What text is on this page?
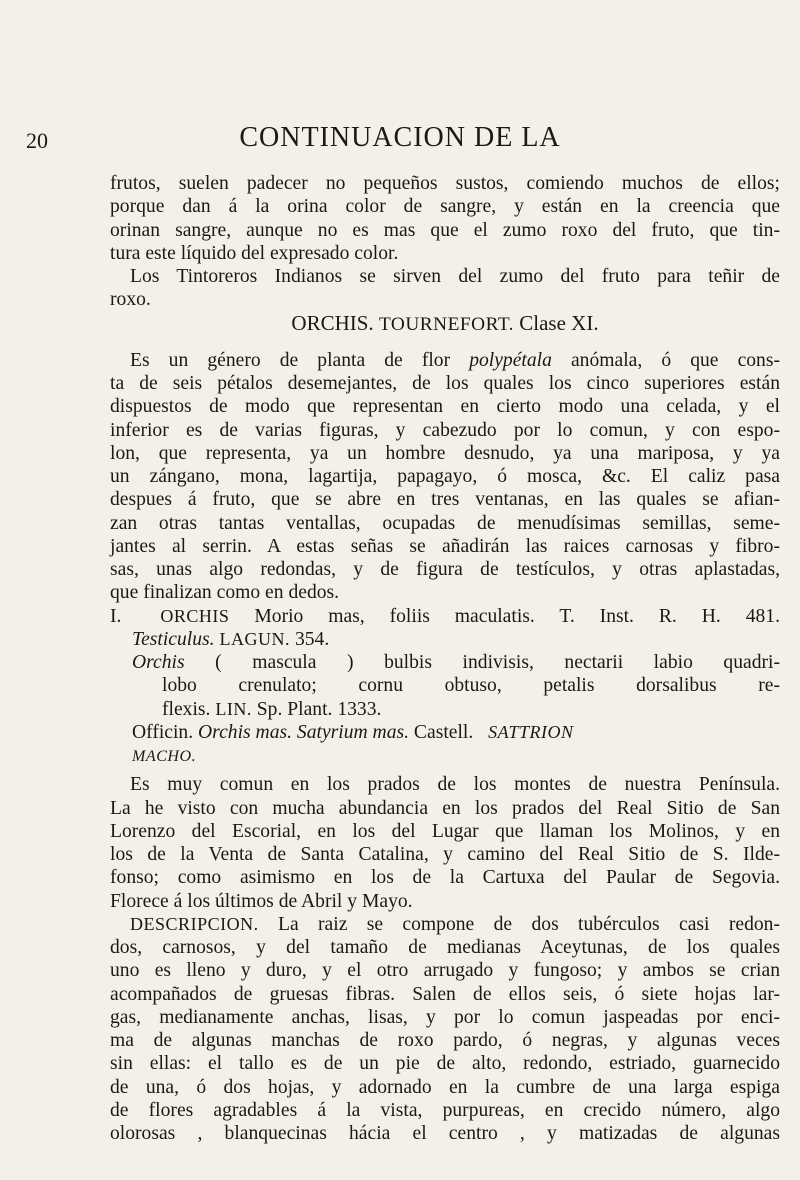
20	CONTINUACION DE LA
frutos, suelen padecer no pequeños sustos, comiendo muchos de ellos;
porque dan á la orina color de sangre, y están en la creencia que
orinan sangre, aunque no es mas que el zumo roxo del fruto, que tin-
tura este líquido del expresado color.
Los Tintoreros Indianos se sirven del zumo del fruto para teñir de
roxo.
ORCHIS. TOURNEFORT. Clase XI.
Es un género de planta de flor polypétala anómala, ó que cons-
ta de seis pétalos desemejantes, de los quales los cinco superiores están
dispuestos de modo que representan en cierto modo una celada, y el
inferior es de varias figuras, y cabezudo por lo comun, y con espo-
lon, que representa, ya un hombre desnudo, ya una mariposa, y ya
un zángano, mona, lagartija, papagayo, ó mosca, &c. El caliz pasa
despues á fruto, que se abre en tres ventanas, en las quales se afian-
zan otras tantas ventallas, ocupadas de menudísimas semillas, seme-
jantes al serrin. A estas señas se añadirán las raices carnosas y fibro-
sas, unas algo redondas, y de figura de testículos, y otras aplastadas,
que finalizan como en dedos.
I. ORCHIS Morio mas, foliis maculatis. T. Inst. R. H. 481.
Testiculus. LAGUN. 354.
Orchis ( mascula ) bulbis indivisis, nectarii labio quadri-
lobo crenulato; cornu obtuso, petalis dorsalibus re-
flexis. LIN. Sp. Plant. 1333.
Officin. Orchis mas. Satyrium mas. Castell. SATTRION
MACHO.
Es muy comun en los prados de los montes de nuestra Península.
La he visto con mucha abundancia en los prados del Real Sitio de San
Lorenzo del Escorial, en los del Lugar que llaman los Molinos, y en
los de la Venta de Santa Catalina, y camino del Real Sitio de S. Ilde-
fonso; como asimismo en los de la Cartuxa del Paular de Segovia.
Florece á los últimos de Abril y Mayo.
DESCRIPCION. La raiz se compone de dos tubérculos casi redon-
dos, carnosos, y del tamaño de medianas Aceytunas, de los quales
uno es lleno y duro, y el otro arrugado y fungoso; y ambos se crian
acompañados de gruesas fibras. Salen de ellos seis, ó siete hojas lar-
gas, medianamente anchas, lisas, y por lo comun jaspeadas por enci-
ma de algunas manchas de roxo pardo, ó negras, y algunas veces
sin ellas: el tallo es de un pie de alto, redondo, estriado, guarnecido
de una, ó dos hojas, y adornado en la cumbre de una larga espiga
de flores agradables á la vista, purpureas, en crecido número, algo
olorosas , blanquecinas hácia el centro , y matizadas de algunas
